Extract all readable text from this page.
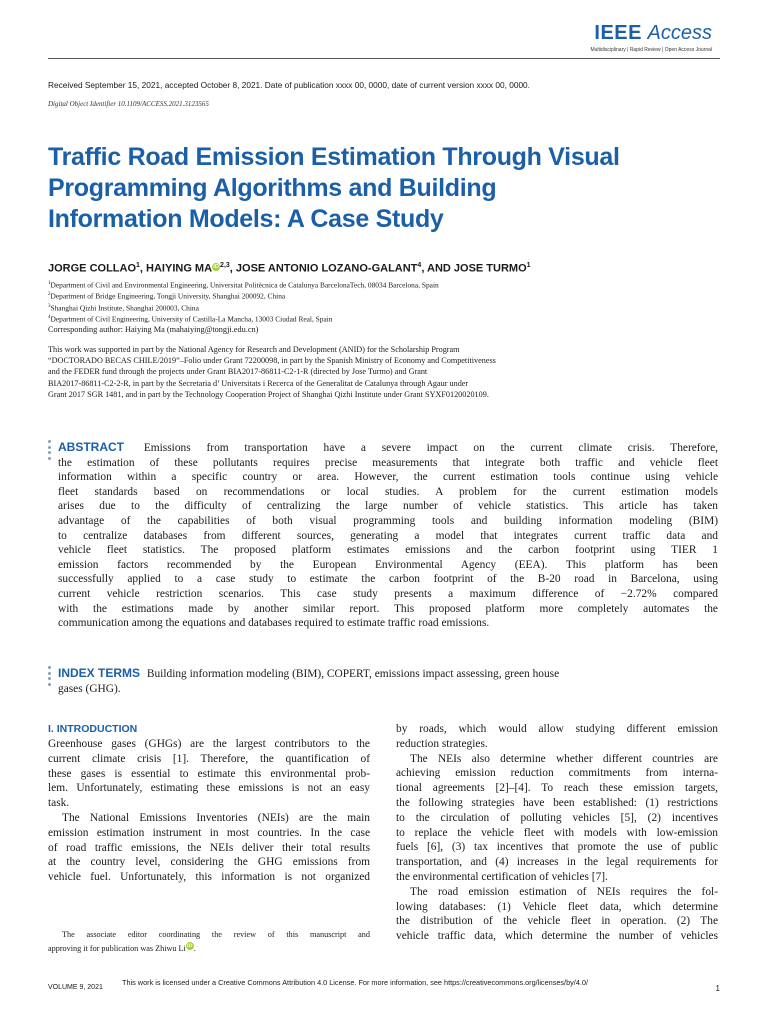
IEEE Access
Multidisciplinary | Rapid Review | Open Access Journal
Received September 15, 2021, accepted October 8, 2021. Date of publication xxxx 00, 0000, date of current version xxxx 00, 0000.
Digital Object Identifier 10.1109/ACCESS.2021.3123565
Traffic Road Emission Estimation Through Visual
Programming Algorithms and Building
Information Models: A Case Study
JORGE COLLAO$^1$, HAIYING MAiD$^{2,3}$, JOSE ANTONIO LOZANO-GALANT$^4$, AND JOSE TURMO$^1$
$^1$Department of Civil and Environmental Engineering, Universitat Politècnica de Catalunya BarcelonaTech, 08034 Barcelona, Spain
$^2$Department of Bridge Engineering, Tongji University, Shanghai 200092, China
$^3$Shanghai Qizhi Institute, Shanghai 200003, China
$^4$Department of Civil Engineering, University of Castilla-La Mancha, 13003 Ciudad Real, Spain
Corresponding author: Haiying Ma (mahaiying@tongji.edu.cn)
This work was supported in part by the National Agency for Research and Development (ANID) for the Scholarship Program
“DOCTORADO BECAS CHILE/2019”–Folio under Grant 72200098, in part by the Spanish Ministry of Economy and Competitiveness
and the FEDER fund through the projects under Grant BIA2017-86811-C2-1-R (directed by Jose Turmo) and Grant
BIA2017-86811-C2-2-R, in part by the Secretaria d’ Universitats i Recerca of the Generalitat de Catalunya through Agaur under
Grant 2017 SGR 1481, and in part by the Technology Cooperation Project of Shanghai Qizhi Institute under Grant SYXF0120020109.
ABSTRACT Emissions from transportation have a severe impact on the current climate crisis. Therefore,
the estimation of these pollutants requires precise measurements that integrate both traffic and vehicle fleet
information within a specific country or area. However, the current estimation tools continue using vehicle
fleet standards based on recommendations or local studies. A problem for the current estimation models
arises due to the difficulty of centralizing the large number of vehicle statistics. This article has taken
advantage of the capabilities of both visual programming tools and building information modeling (BIM)
to centralize databases from different sources, generating a model that integrates current traffic data and
vehicle fleet statistics. The proposed platform estimates emissions and the carbon footprint using TIER 1
emission factors recommended by the European Environmental Agency (EEA). This platform has been
successfully applied to a case study to estimate the carbon footprint of the B-20 road in Barcelona, using
current vehicle restriction scenarios. This case study presents a maximum difference of −2.72% compared
with the estimations made by another similar report. This proposed platform more completely automates the
communication among the equations and databases required to estimate traffic road emissions.
INDEX TERMS Building information modeling (BIM), COPERT, emissions impact assessing, green house
gases (GHG).
I. INTRODUCTION
Greenhouse gases (GHGs) are the largest contributors to the
current climate crisis [1]. Therefore, the quantification of
these gases is essential to estimate this environmental prob-
lem. Unfortunately, estimating these emissions is not an easy
task.
The National Emissions Inventories (NEIs) are the main
emission estimation instrument in most countries. In the case
of road traffic emissions, the NEIs deliver their total results
at the country level, considering the GHG emissions from
vehicle fuel. Unfortunately, this information is not organized
by roads, which would allow studying different emission
reduction strategies.
The NEIs also determine whether different countries are
achieving emission reduction commitments from interna-
tional agreements [2]–[4]. To reach these emission targets,
the following strategies have been established: (1) restrictions
to the circulation of polluting vehicles [5], (2) incentives
to replace the vehicle fleet with models with low-emission
fuels [6], (3) tax incentives that promote the use of public
transportation, and (4) increases in the legal requirements for
the environmental certification of vehicles [7].
The road emission estimation of NEIs requires the fol-
lowing databases: (1) Vehicle fleet data, which determine
the distribution of the vehicle fleet in operation. (2) The
vehicle traffic data, which determine the number of vehicles
The associate editor coordinating the review of this manuscript and
approving it for publication was Zhiwu LiiD.
VOLUME 9, 2021
This work is licensed under a Creative Commons Attribution 4.0 License. For more information, see https://creativecommons.org/licenses/by/4.0/
1
